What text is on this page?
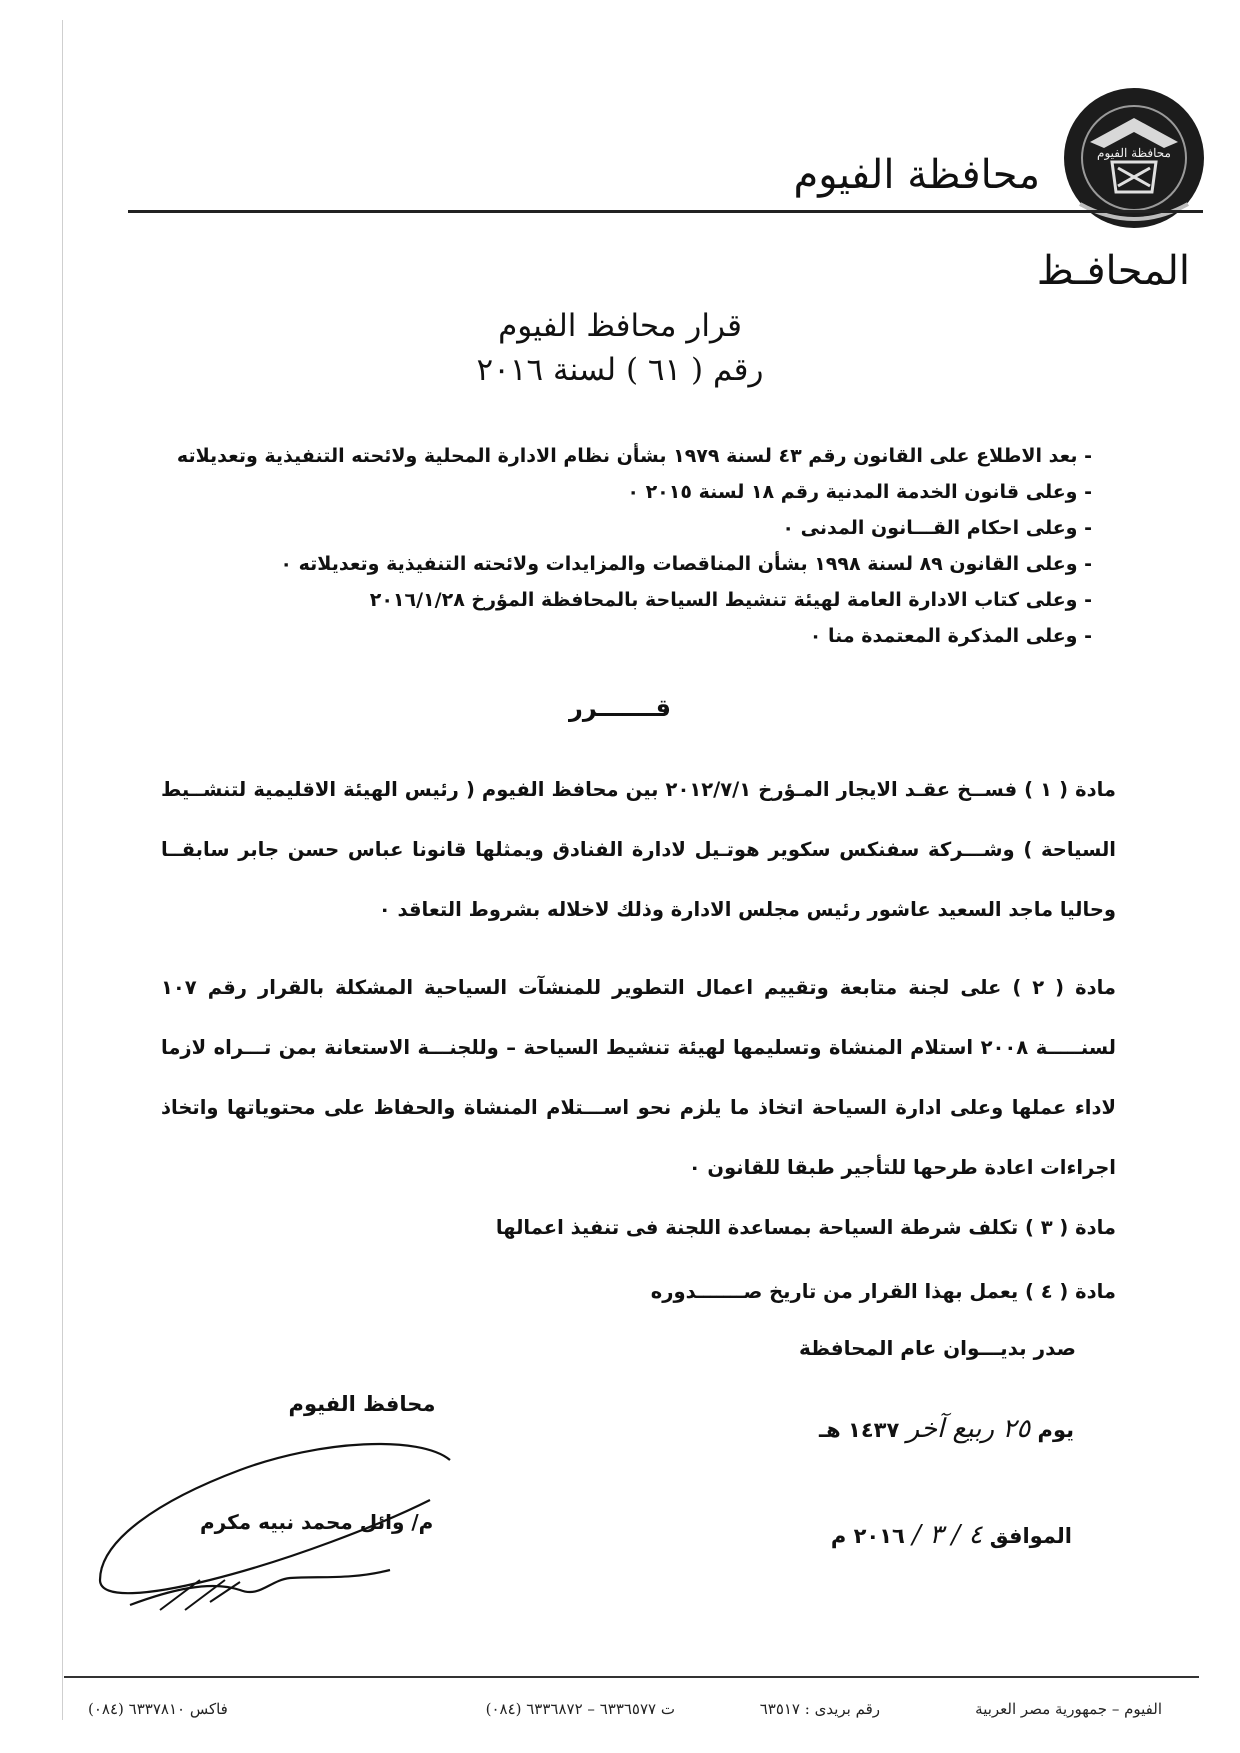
محافظة الفيوم
محافظة الفيوم
المحافـظ
قرار محافظ الفيوم
رقم ( ٦١ ) لسنة ٢٠١٦
- بعد الاطلاع على القانون رقم ٤٣ لسنة ١٩٧٩ بشأن نظام الادارة المحلية ولائحته التنفيذية وتعديلاته
- وعلى قانون الخدمة المدنية رقم ١٨ لسنة ٢٠١٥ ٠
- وعلى احكام القـــانون المدنى ٠
- وعلى القانون ٨٩ لسنة ١٩٩٨ بشأن المناقصات والمزايدات ولائحته التنفيذية وتعديلاته ٠
- وعلى كتاب الادارة العامة لهيئة تنشيط السياحة بالمحافظة المؤرخ ٢٠١٦/١/٢٨
- وعلى المذكرة المعتمدة منا ٠
قـــــــرر
مادة ( ١ ) فســخ عقـد الايجار المـؤرخ ٢٠١٢/٧/١ بين محافظ الفيوم ( رئيس الهيئة الاقليمية لتنشــيط السياحة ) وشـــركة سفنكس سكوير هوتـيل لادارة الفنادق ويمثلها قانونا عباس حسن جابر سابقــا وحاليا ماجد السعيد عاشور رئيس مجلس الادارة وذلك لاخلاله بشروط التعاقد ٠
مادة ( ٢ ) على لجنة متابعة وتقييم اعمال التطوير للمنشآت السياحية المشكلة بالقرار رقم ١٠٧ لسنـــــة ٢٠٠٨ استلام المنشاة وتسليمها لهيئة تنشيط السياحة – وللجنـــة الاستعانة بمن تـــراه لازما لاداء عملها وعلى ادارة السياحة اتخاذ ما يلزم نحو اســـتلام المنشاة والحفاظ على محتوياتها واتخاذ اجراءات اعادة طرحها للتأجير طبقا للقانون ٠
مادة ( ٣ ) تكلف شرطة السياحة بمساعدة اللجنة فى تنفيذ اعمالها
مادة ( ٤ ) يعمل بهذا القرار من تاريخ صـــــــدوره
صدر بديـــوان عام المحافظة
يوم ٢٥ ربيع آخر ١٤٣٧ هـ
الموافق ٤ / ٣ / ٢٠١٦ م
محافظ الفيوم
م/ وائل محمد نبيه مكرم
الفيوم – جمهورية مصر العربية
رقم بريدى : ٦٣٥١٧
ت ٦٣٣٦٥٧٧ – ٦٣٣٦٨٧٢ (٠٨٤)
فاكس ٦٣٣٧٨١٠ (٠٨٤)
